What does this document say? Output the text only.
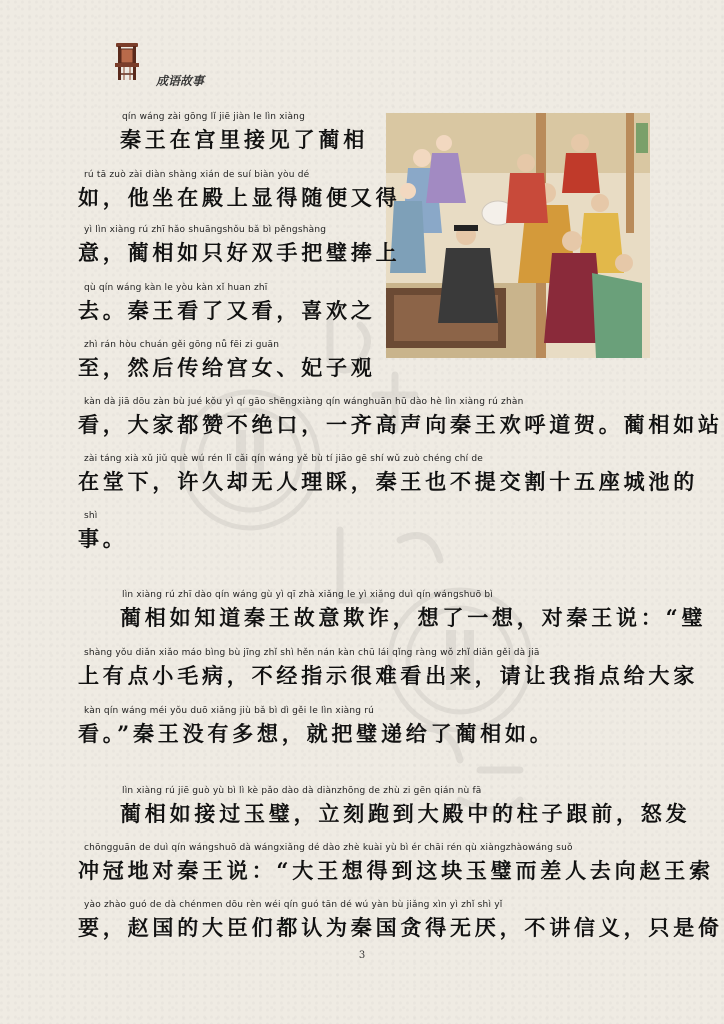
成语故事
qín wáng zài gōng lǐ jiē jiàn le lìn xiàng
秦王在宫里接见了蔺相
rú tā zuò zài diàn shàng xián de suí biàn yòu dé
如，他坐在殿上显得随便又得
yì lìn xiàng rú zhī hǎo shuāngshǒu bǎ bì pěngshàng
意，蔺相如只好双手把璧捧上
qù qín wáng kàn le yòu kàn xǐ huan zhī
去。秦王看了又看，喜欢之
zhì rán hòu chuán gěi gōng nǚ fēi zi guān
至，然后传给宫女、妃子观
kàn dà jiā dōu zàn bù jué kǒu yì qí gāo shēngxiàng qín wánghuān hū dào hè lìn xiàng rú zhàn
看，大家都赞不绝口，一齐高声向秦王欢呼道贺。蔺相如站
zài táng xià xǔ jiǔ què wú rén lǐ cǎi qín wáng yě bù tí jiāo gē shí wǔ zuò chéng chí de
在堂下，许久却无人理睬，秦王也不提交割十五座城池的
shì
事。
lìn xiàng rú zhī dào qín wáng gù yì qī zhà xiǎng le yì xiǎng duì qín wángshuō bì
蔺相如知道秦王故意欺诈，想了一想，对秦王说：“璧
shàng yǒu diǎn xiǎo máo bìng bù jīng zhǐ shì hěn nán kàn chū lái qǐng ràng wǒ zhǐ diǎn gěi dà jiā
上有点小毛病，不经指示很难看出来，请让我指点给大家
kàn qín wáng méi yǒu duō xiǎng jiù bǎ bì dì gěi le lìn xiàng rú
看。”秦王没有多想，就把璧递给了蔺相如。
lìn xiàng rú jiē guò yù bì lì kè pǎo dào dà diànzhōng de zhù zi gēn qián nù fā
蔺相如接过玉璧，立刻跑到大殿中的柱子跟前，怒发
chōngguān de duì qín wángshuō dà wángxiǎng dé dào zhè kuài yù bì ér chāi rén qù xiàngzhàowáng suǒ
冲冠地对秦王说：“大王想得到这块玉璧而差人去向赵王索
yào zhào guó de dà chénmen dōu rèn wéi qín guó tān dé wú yàn bù jiǎng xìn yì zhǐ shì yǐ
要，赵国的大臣们都认为秦国贪得无厌，不讲信义，只是倚
3
